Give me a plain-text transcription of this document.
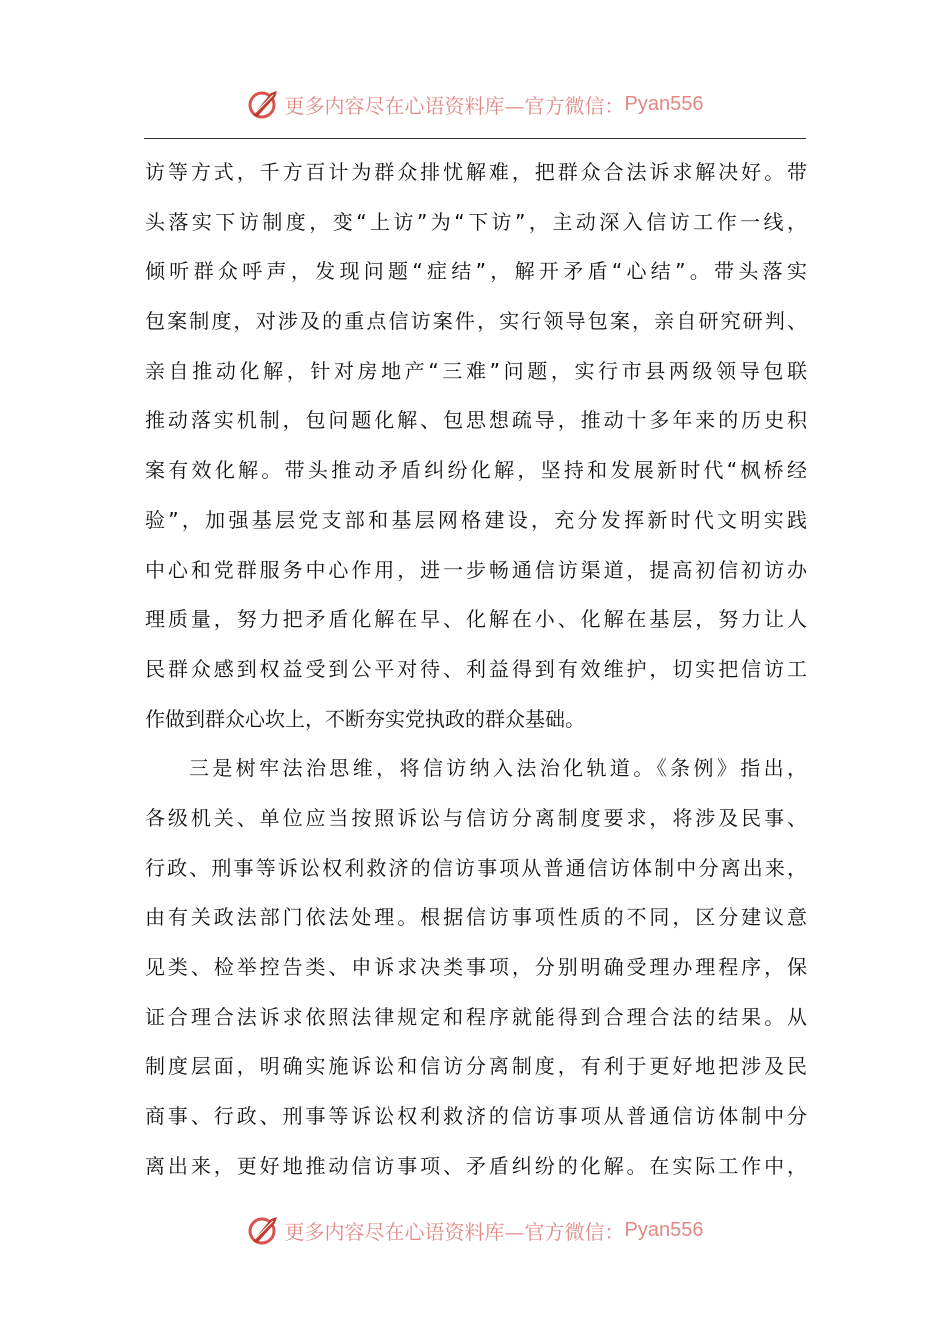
更多内容尽在心语资料库—官方微信： Pyan556
访等方式，千方百计为群众排忧解难，把群众合法诉求解决好。带
头落实下访制度，变“上访”为“下访”，主动深入信访工作一线，
倾听群众呼声，发现问题“症结”，解开矛盾“心结”。带头落实
包案制度，对涉及的重点信访案件，实行领导包案，亲自研究研判、
亲自推动化解，针对房地产“三难”问题，实行市县两级领导包联
推动落实机制，包问题化解、包思想疏导，推动十多年来的历史积
案有效化解。带头推动矛盾纠纷化解，坚持和发展新时代“枫桥经
验”，加强基层党支部和基层网格建设，充分发挥新时代文明实践
中心和党群服务中心作用，进一步畅通信访渠道，提高初信初访办
理质量，努力把矛盾化解在早、化解在小、化解在基层，努力让人
民群众感到权益受到公平对待、利益得到有效维护，切实把信访工
作做到群众心坎上，不断夯实党执政的群众基础。
三是树牢法治思维，将信访纳入法治化轨道。《条例》指出，
各级机关、单位应当按照诉讼与信访分离制度要求，将涉及民事、
行政、刑事等诉讼权利救济的信访事项从普通信访体制中分离出来，
由有关政法部门依法处理。根据信访事项性质的不同，区分建议意
见类、检举控告类、申诉求决类事项，分别明确受理办理程序，保
证合理合法诉求依照法律规定和程序就能得到合理合法的结果。从
制度层面，明确实施诉讼和信访分离制度，有利于更好地把涉及民
商事、行政、刑事等诉讼权利救济的信访事项从普通信访体制中分
离出来，更好地推动信访事项、矛盾纠纷的化解。在实际工作中，
更多内容尽在心语资料库—官方微信： Pyan556
